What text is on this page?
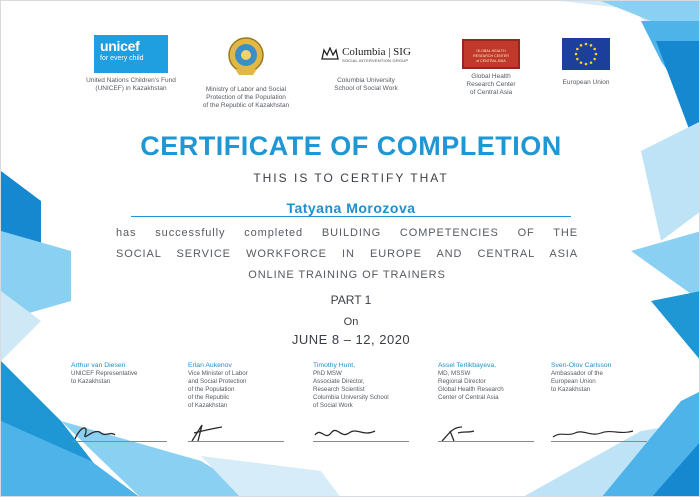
unicef
for every child
United Nations Children's Fund
(UNICEF) in Kazakhstan	Ministry of Labor and Social
Protection of the Population
of the Republic of Kazakhstan
Columbia | SIG
SOCIAL INTERVENTION GROUP
Columbia University
School of Social Work
GLOBAL HEALTH
RESEARCH CENTER
of CENTRAL ASIA
Global Health
Research Center
of Central Asia
European Union
CERTIFICATE OF COMPLETION
THIS IS TO CERTIFY THAT
Tatyana Morozova
has successfully completed BUILDING COMPETENCIES OF THE
SOCIAL SERVICE WORKFORCE IN EUROPE AND CENTRAL ASIA
ONLINE TRAINING OF TRAINERS
PART 1
On
JUNE 8 – 12, 2020
Arthur van Diesen
UNICEF Representative
to Kazakhstan
Erlan Aukenov
Vice Minister of Labor
and Social Protection
of the Population
of the Republic
of Kazakhstan
Timothy Hunt,
PhD MSW
Associate Director,
Research Scientist
Columbia University School
of Social Work
Assel Terlikbayeva,
MD, MSSW
Regional Director
Global Health Research
Center of Central Asia
Sven-Olov Carlsson
Ambassador of the
European Union
to Kazakhstan
